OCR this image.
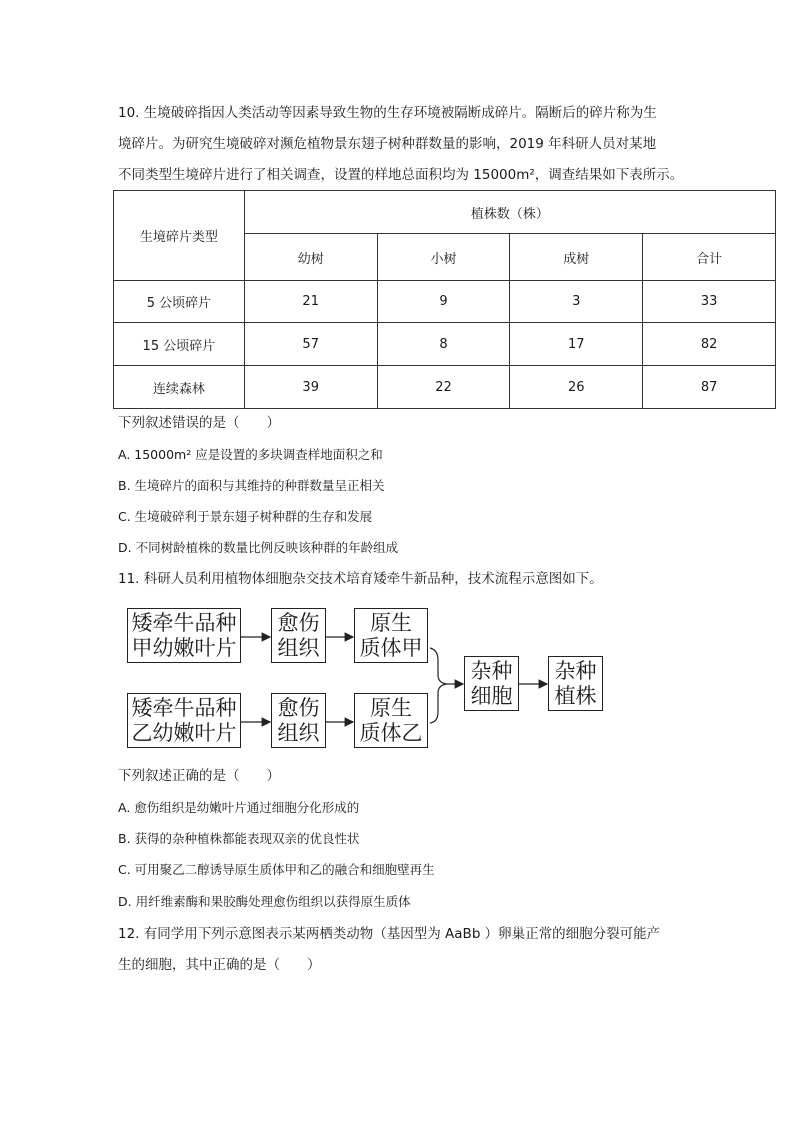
10. 生境破碎指因人类活动等因素导致生物的生存环境被隔断成碎片。隔断后的碎片称为生
境碎片。为研究生境破碎对濒危植物景东翅子树种群数量的影响，2019 年科研人员对某地
不同类型生境碎片进行了相关调查，设置的样地总面积均为 15000m²，调查结果如下表所示。
生境碎片类型	植株数（株）			
	幼树	小树	成树	合计
5 公顷碎片	21	9	3	33
15 公顷碎片	57	8	17	82
连续森林	39	22	26	87
下列叙述错误的是（　　）
A. 15000m² 应是设置的多块调查样地面积之和
B. 生境碎片的面积与其维持的种群数量呈正相关
C. 生境破碎利于景东翅子树种群的生存和发展
D. 不同树龄植株的数量比例反映该种群的年龄组成
11. 科研人员利用植物体细胞杂交技术培育矮牵牛新品种，技术流程示意图如下。
矮牵牛品种
甲幼嫩叶片
愈伤
组织
原生
质体甲
矮牵牛品种
乙幼嫩叶片
愈伤
组织
原生
质体乙
杂种
细胞
杂种
植株
下列叙述正确的是（　　）
A. 愈伤组织是幼嫩叶片通过细胞分化形成的
B. 获得的杂种植株都能表现双亲的优良性状
C. 可用聚乙二醇诱导原生质体甲和乙的融合和细胞壁再生
D. 用纤维素酶和果胶酶处理愈伤组织以获得原生质体
12. 有同学用下列示意图表示某两栖类动物（基因型为 AaBb ）卵巢正常的细胞分裂可能产
生的细胞，其中正确的是（　　）
